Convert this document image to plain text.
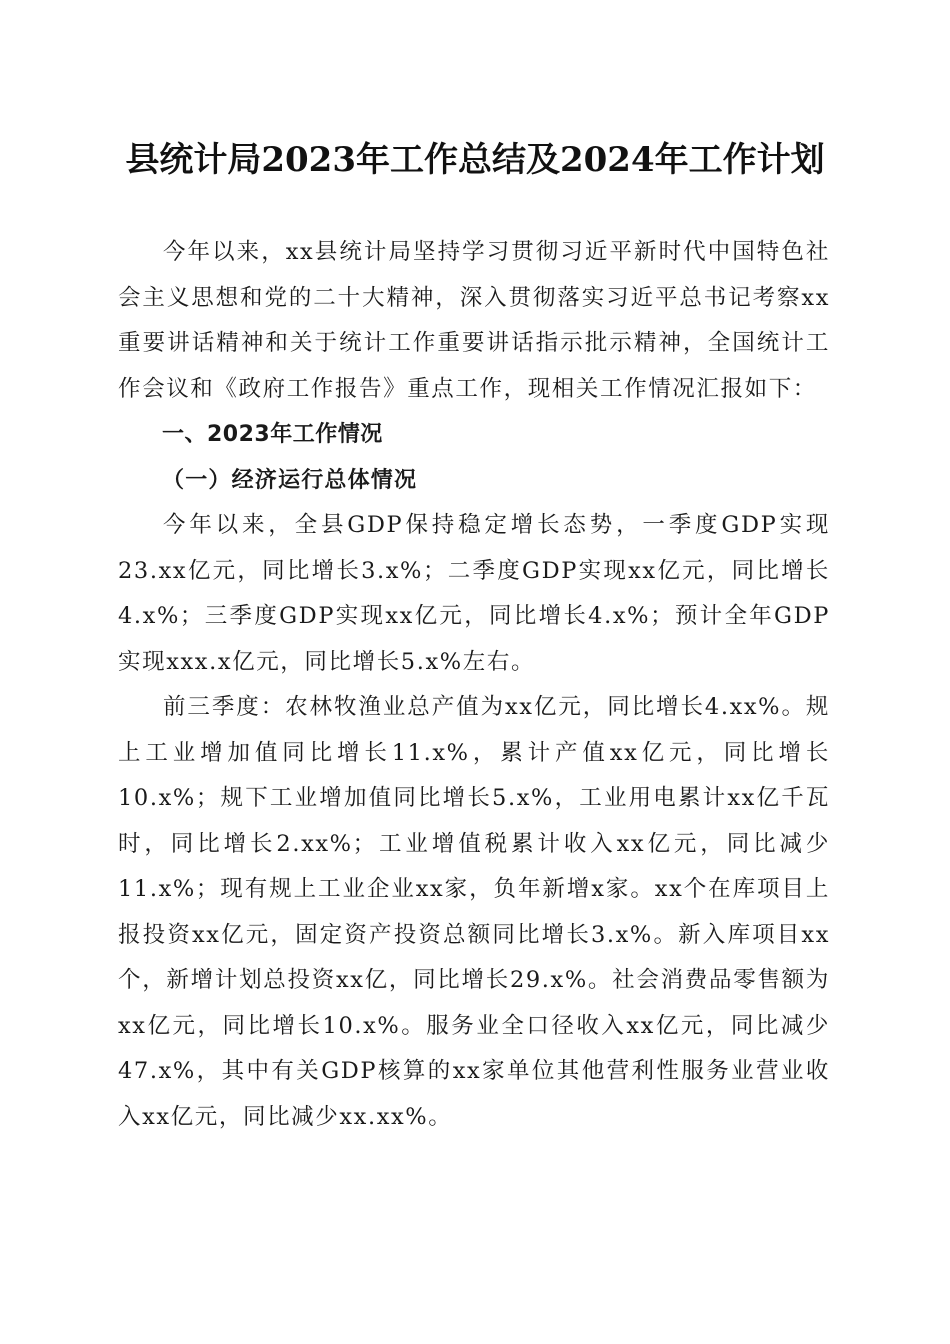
县统计局2023年工作总结及2024年工作计划

今年以来，xx县统计局坚持学习贯彻习近平新时代中国特色社会主义思想和党的二十大精神，深入贯彻落实习近平总书记考察xx重要讲话精神和关于统计工作重要讲话指示批示精神，全国统计工作会议和《政府工作报告》重点工作，现相关工作情况汇报如下：

一、2023年工作情况

（一）经济运行总体情况

今年以来，全县GDP保持稳定增长态势，一季度GDP实现23.xx亿元，同比增长3.x%；二季度GDP实现xx亿元，同比增长4.x%；三季度GDP实现xx亿元，同比增长4.x%；预计全年GDP实现xxx.x亿元，同比增长5.x%左右。

前三季度：农林牧渔业总产值为xx亿元，同比增长4.xx%。规上工业增加值同比增长11.x%，累计产值xx亿元，同比增长10.x%；规下工业增加值同比增长5.x%，工业用电累计xx亿千瓦时，同比增长2.xx%；工业增值税累计收入xx亿元，同比减少11.x%；现有规上工业企业xx家，负年新增x家。xx个在库项目上报投资xx亿元，固定资产投资总额同比增长3.x%。新入库项目xx个，新增计划总投资xx亿，同比增长29.x%。社会消费品零售额为xx亿元，同比增长10.x%。服务业全口径收入xx亿元，同比减少47.x%，其中有关GDP核算的xx家单位其他营利性服务业营业收入xx亿元，同比减少xx.xx%。
